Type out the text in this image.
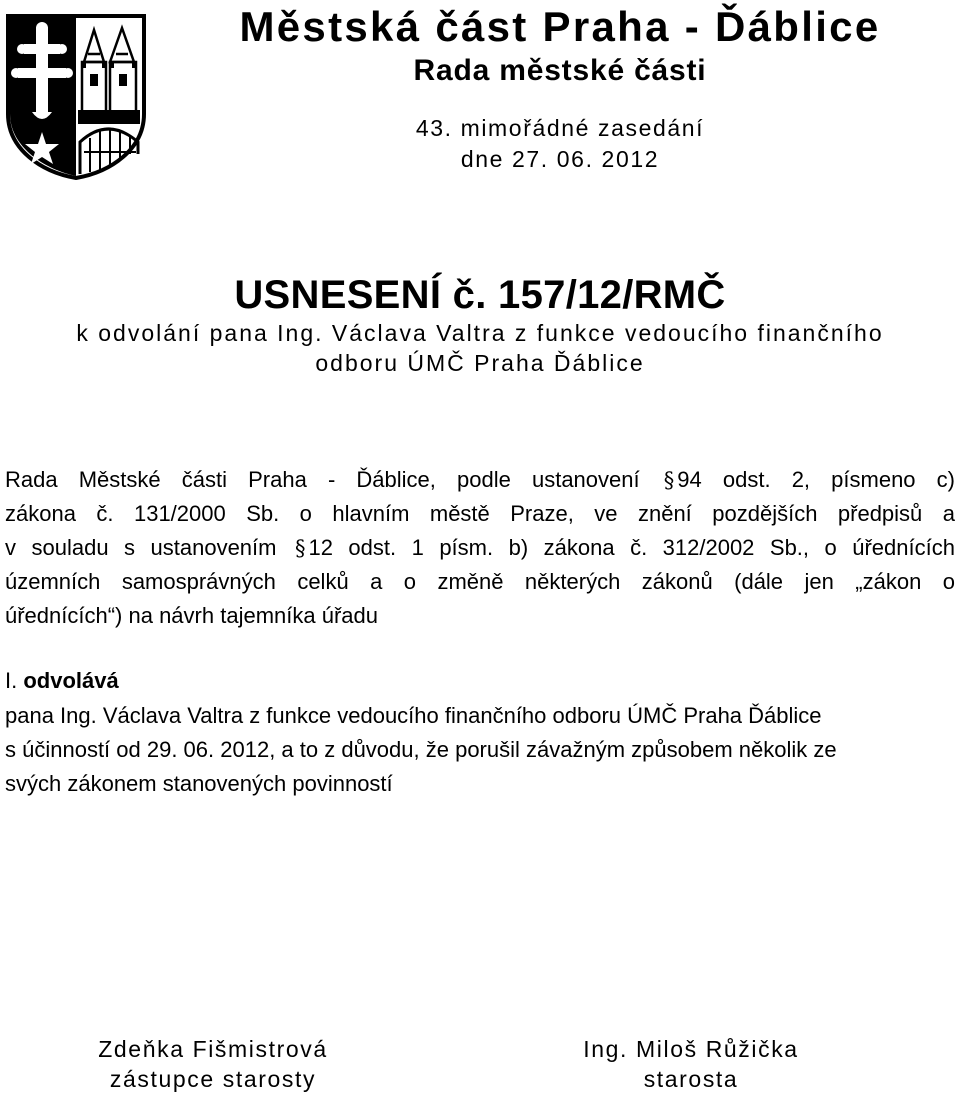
Městská část Praha - Ďáblice
Rada městské části
43. mimořádné zasedání
dne 27. 06. 2012
USNESENÍ č. 157/12/RMČ
k odvolání pana Ing. Václava Valtra z funkce vedoucího finančního
odboru ÚMČ Praha Ďáblice
Rada Městské části Praha - Ďáblice, podle ustanovení § 94 odst. 2, písmeno c)
zákona č. 131/2000 Sb. o hlavním městě Praze, ve znění pozdějších předpisů a
v souladu s ustanovením § 12 odst. 1 písm. b) zákona č. 312/2002 Sb., o úřednících
územních samosprávných celků a o změně některých zákonů (dále jen „zákon o
úřednících“) na návrh tajemníka úřadu
I. odvolává
pana Ing. Václava Valtra z funkce vedoucího finančního odboru ÚMČ Praha Ďáblice
s účinností od 29. 06. 2012, a to z důvodu, že porušil závažným způsobem několik ze
svých zákonem stanovených povinností
Zdeňka Fišmistrová
zástupce starosty
Ing. Miloš Růžička
starosta
